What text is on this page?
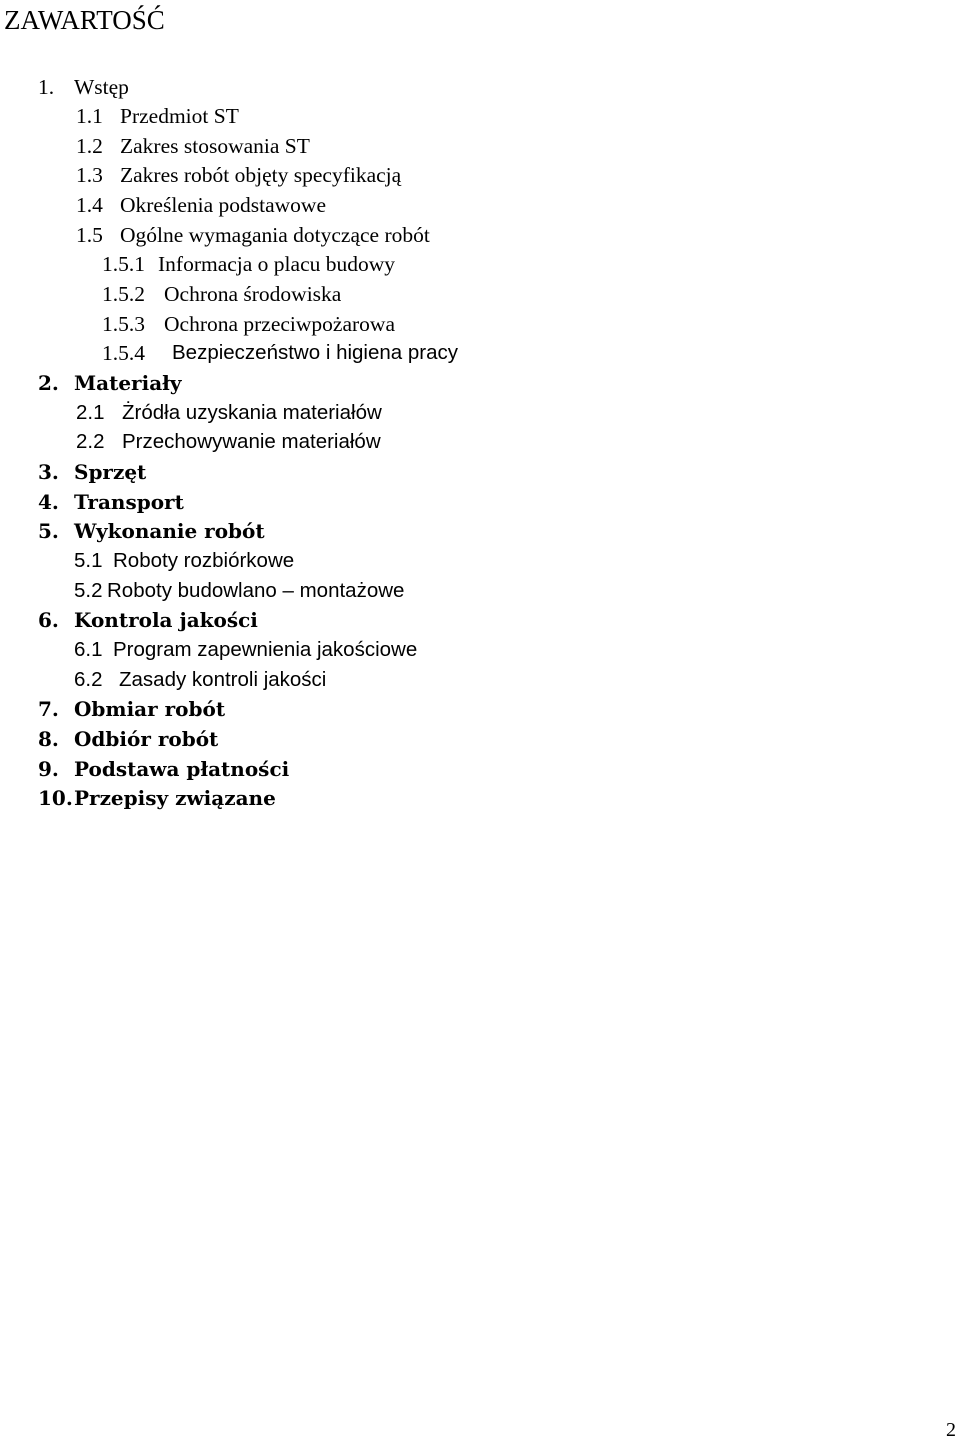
ZAWARTOŚĆ
1. Wstęp
1.1 Przedmiot ST
1.2 Zakres stosowania ST
1.3 Zakres robót objęty specyfikacją
1.4 Określenia podstawowe
1.5 Ogólne wymagania dotyczące robót
1.5.1 Informacja o placu budowy
1.5.2 Ochrona środowiska
1.5.3 Ochrona przeciwpożarowa
1.5.4 Bezpieczeństwo i higiena pracy
2. Materiały
2.1 Żródła uzyskania materiałów
2.2 Przechowywanie materiałów
3. Sprzęt
4. Transport
5. Wykonanie robót
5.1 Roboty rozbiórkowe
5.2 Roboty budowlano – montażowe
6. Kontrola jakości
6.1 Program zapewnienia jakościowe
6.2 Zasady kontroli jakości
7. Obmiar robót
8. Odbiór robót
9. Podstawa płatności
10. Przepisy związane
2
